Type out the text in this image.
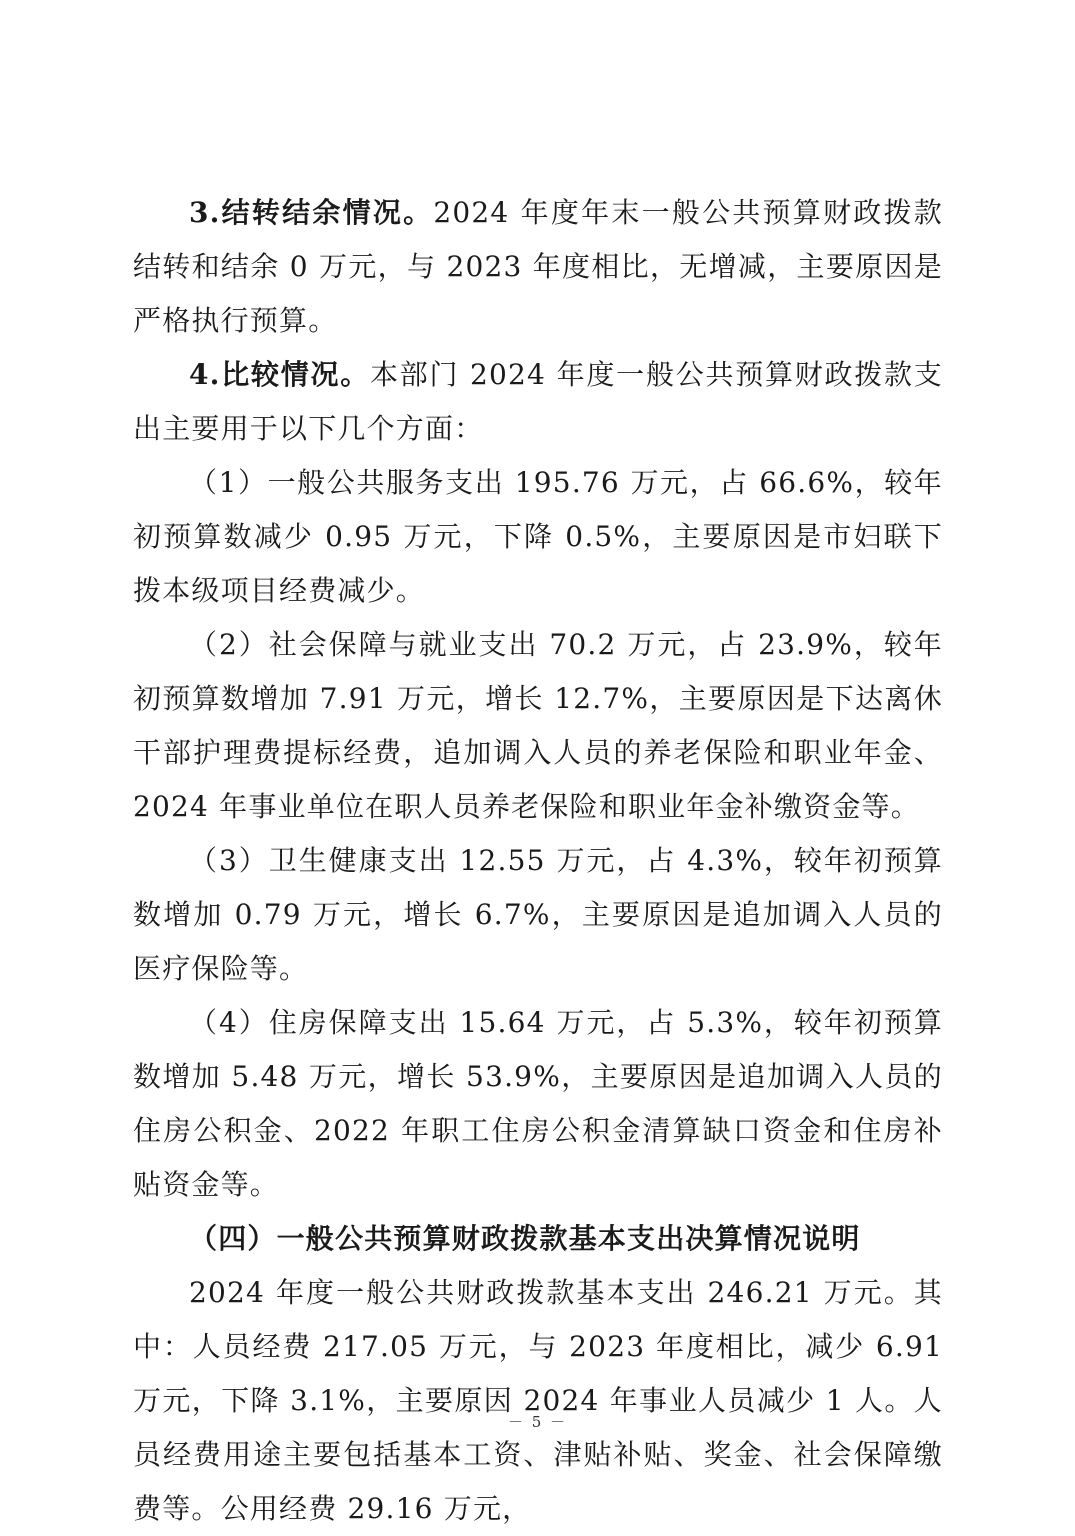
3.结转结余情况。2024 年度年末一般公共预算财政拨款结转和结余 0 万元，与 2023 年度相比，无增减，主要原因是严格执行预算。

4.比较情况。本部门 2024 年度一般公共预算财政拨款支出主要用于以下几个方面：

（1）一般公共服务支出 195.76 万元，占 66.6%，较年初预算数减少 0.95 万元，下降 0.5%，主要原因是市妇联下拨本级项目经费减少。

（2）社会保障与就业支出 70.2 万元，占 23.9%，较年初预算数增加 7.91 万元，增长 12.7%，主要原因是下达离休干部护理费提标经费，追加调入人员的养老保险和职业年金、2024 年事业单位在职人员养老保险和职业年金补缴资金等。

（3）卫生健康支出 12.55 万元，占 4.3%，较年初预算数增加 0.79 万元，增长 6.7%，主要原因是追加调入人员的医疗保险等。

（4）住房保障支出 15.64 万元，占 5.3%，较年初预算数增加 5.48 万元，增长 53.9%，主要原因是追加调入人员的住房公积金、2022 年职工住房公积金清算缺口资金和住房补贴资金等。

（四）一般公共预算财政拨款基本支出决算情况说明

2024 年度一般公共财政拨款基本支出 246.21 万元。其中：人员经费 217.05 万元，与 2023 年度相比，减少 6.91 万元，下降 3.1%，主要原因 2024 年事业人员减少 1 人。人员经费用途主要包括基本工资、津贴补贴、奖金、社会保障缴费等。公用经费 29.16 万元，

－ 5 －
